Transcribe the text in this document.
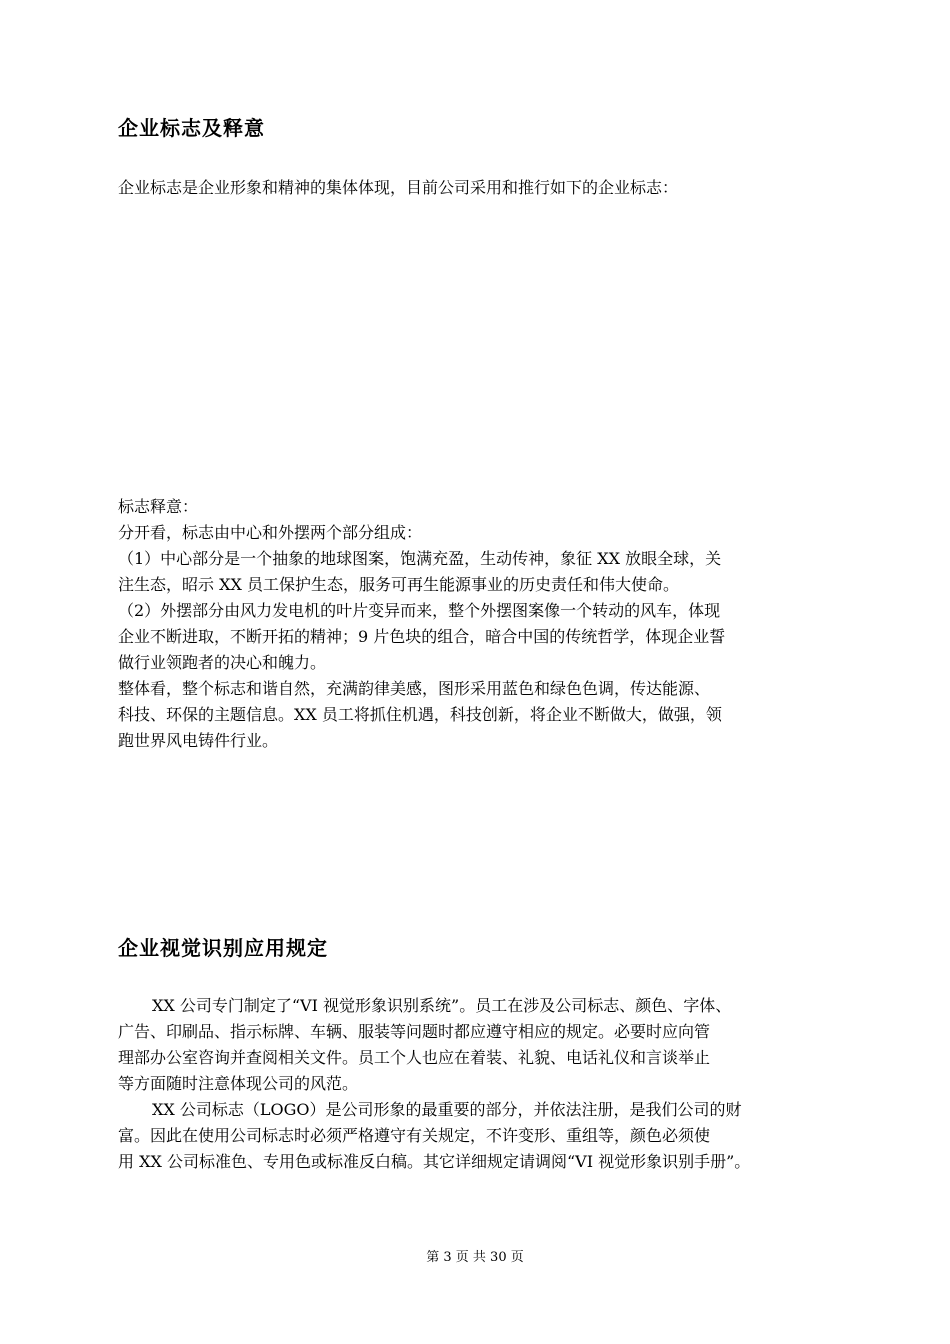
企业标志及释意

企业标志是企业形象和精神的集体体现，目前公司采用和推行如下的企业标志：

标志释意：
分开看，标志由中心和外摆两个部分组成：
（1）中心部分是一个抽象的地球图案，饱满充盈，生动传神，象征 XX 放眼全球，关
注生态，昭示 XX 员工保护生态，服务可再生能源事业的历史责任和伟大使命。
（2）外摆部分由风力发电机的叶片变异而来，整个外摆图案像一个转动的风车，体现
企业不断进取，不断开拓的精神；9 片色块的组合，暗合中国的传统哲学，体现企业誓
做行业领跑者的决心和魄力。
整体看，整个标志和谐自然，充满韵律美感，图形采用蓝色和绿色色调，传达能源、
科技、环保的主题信息。XX 员工将抓住机遇，科技创新，将企业不断做大，做强，领
跑世界风电铸件行业。

企业视觉识别应用规定

XX 公司专门制定了“VI 视觉形象识别系统”。员工在涉及公司标志、颜色、字体、
广告、印刷品、指示标牌、车辆、服装等问题时都应遵守相应的规定。必要时应向管
理部办公室咨询并查阅相关文件。员工个人也应在着装、礼貌、电话礼仪和言谈举止
等方面随时注意体现公司的风范。

XX 公司标志（LOGO）是公司形象的最重要的部分，并依法注册，是我们公司的财
富。因此在使用公司标志时必须严格遵守有关规定，不许变形、重组等，颜色必须使
用 XX 公司标准色、专用色或标准反白稿。其它详细规定请调阅“VI 视觉形象识别手册”。

第 3 页 共 30 页
